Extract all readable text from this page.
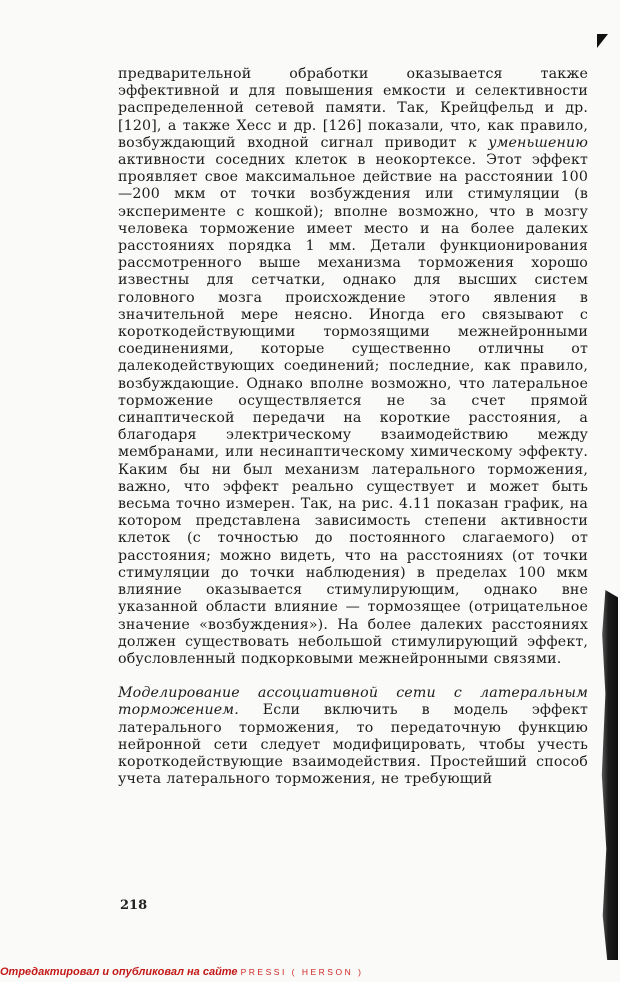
предварительной обработки оказывается также эффективной и для повышения емкости и селективности распределенной сетевой памяти. Так, Крейцфельд и др. [120], а также Хесс и др. [126] показали, что, как правило, возбуждающий входной сигнал приводит к уменьшению активности соседних клеток в неокортексе. Этот эффект проявляет свое максимальное действие на расстоянии 100—200 мкм от точки возбуждения или стимуляции (в эксперименте с кошкой); вполне возможно, что в мозгу человека торможение имеет место и на более далеких расстояниях порядка 1 мм. Детали функционирования рассмотренного выше механизма торможения хорошо известны для сетчатки, однако для высших систем головного мозга происхождение этого явления в значительной мере неясно. Иногда его связывают с короткодействующими тормозящими межнейронными соединениями, которые существенно отличны от далекодействующих соединений; последние, как правило, возбуждающие. Однако вполне возможно, что латеральное торможение осуществляется не за счет прямой синаптической передачи на короткие расстояния, а благодаря электрическому взаимодействию между мембранами, или несинаптическому химическому эффекту. Каким бы ни был механизм латерального торможения, важно, что эффект реально существует и может быть весьма точно измерен. Так, на рис. 4.11 показан график, на котором представлена зависимость степени активности клеток (с точностью до постоянного слагаемого) от расстояния; можно видеть, что на расстояниях (от точки стимуляции до точки наблюдения) в пределах 100 мкм влияние оказывается стимулирующим, однако вне указанной области влияние — тормозящее (отрицательное значение «возбуждения»). На более далеких расстояниях должен существовать небольшой стимулирующий эффект, обусловленный подкорковыми межнейронными связями.

Моделирование ассоциативной сети с латеральным торможением. Если включить в модель эффект латерального торможения, то передаточную функцию нейронной сети следует модифицировать, чтобы учесть короткодействующие взаимодействия. Простейший способ учета латерального торможения, не требующий

218
Отредактировал и опубликовал на сайте PRESSI ( HERSON )
